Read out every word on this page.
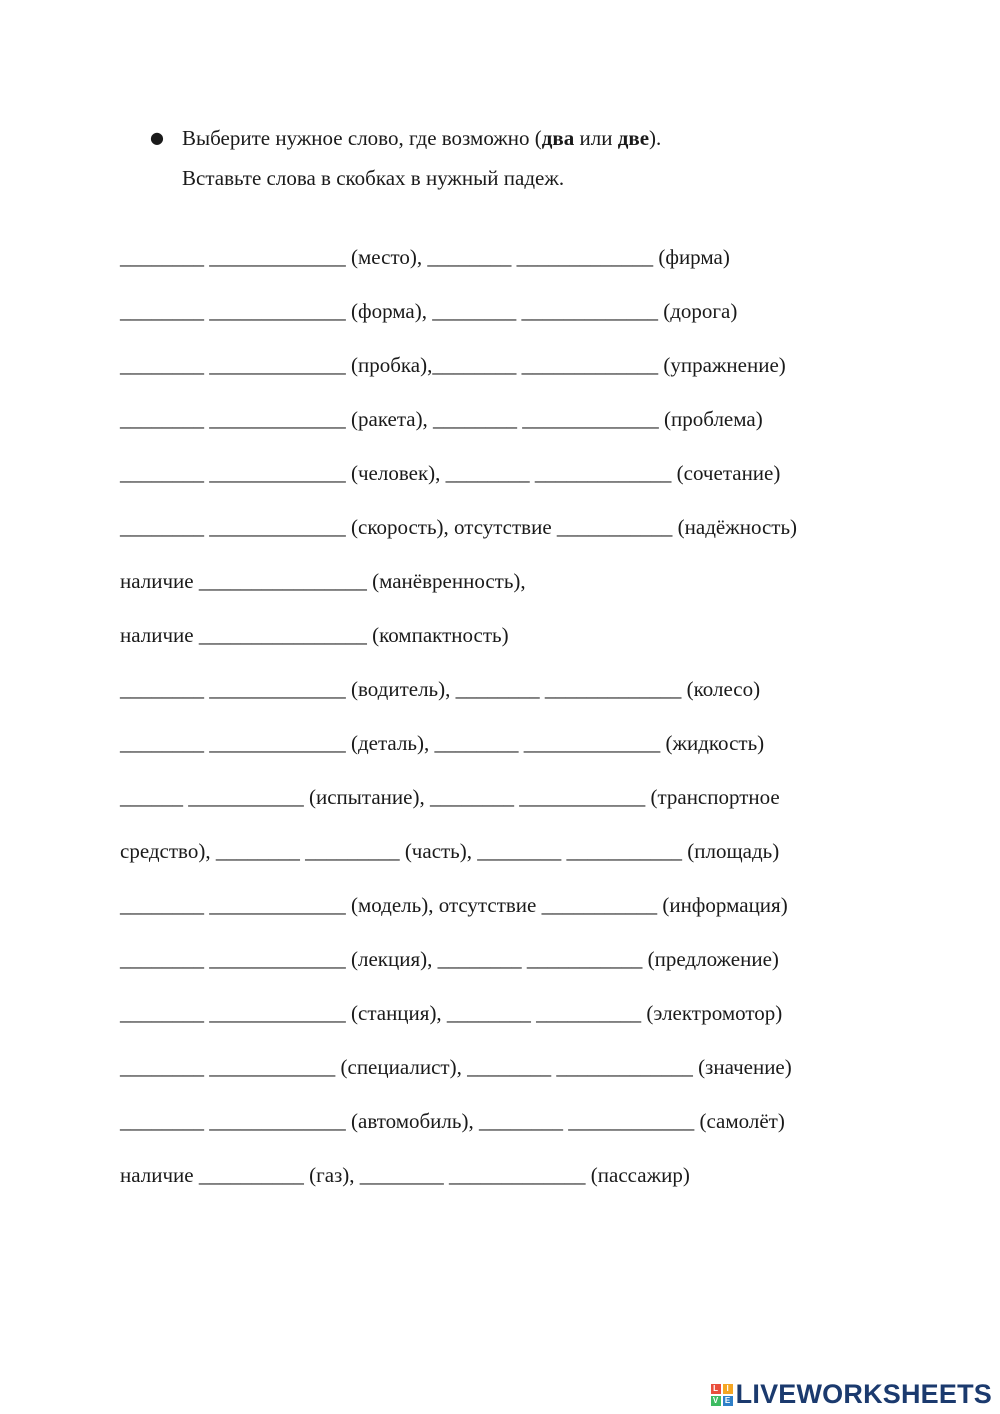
● Выберите нужное слово, где возможно (два или две).
Вставьте слова в скобках в нужный падеж.
________ _____________ (место), ________ _____________ (фирма)
________ _____________ (форма), ________ _____________ (дорога)
________ _____________ (пробка),________ _____________ (упражнение)
________ _____________ (ракета), ________ _____________ (проблема)
________ _____________ (человек), ________ _____________ (сочетание)
________ _____________ (скорость), отсутствие ___________ (надёжность)
наличие ________________ (манёвренность),
наличие ________________ (компактность)
________ _____________ (водитель), ________ _____________ (колесо)
________ _____________ (деталь), ________ _____________ (жидкость)
______ ___________ (испытание), ________ ____________ (транспортное
средство), ________ _________ (часть), ________ ___________ (площадь)
________ _____________ (модель), отсутствие ___________ (информация)
________ _____________ (лекция), ________ ___________ (предложение)
________ _____________ (станция), ________ __________ (электромотор)
________ ____________ (специалист), ________ _____________ (значение)
________ _____________ (автомобиль), ________ ____________ (самолёт)
наличие __________ (газ), ________ _____________ (пассажир)
L	I
V E LIVEWORKSHEETS
